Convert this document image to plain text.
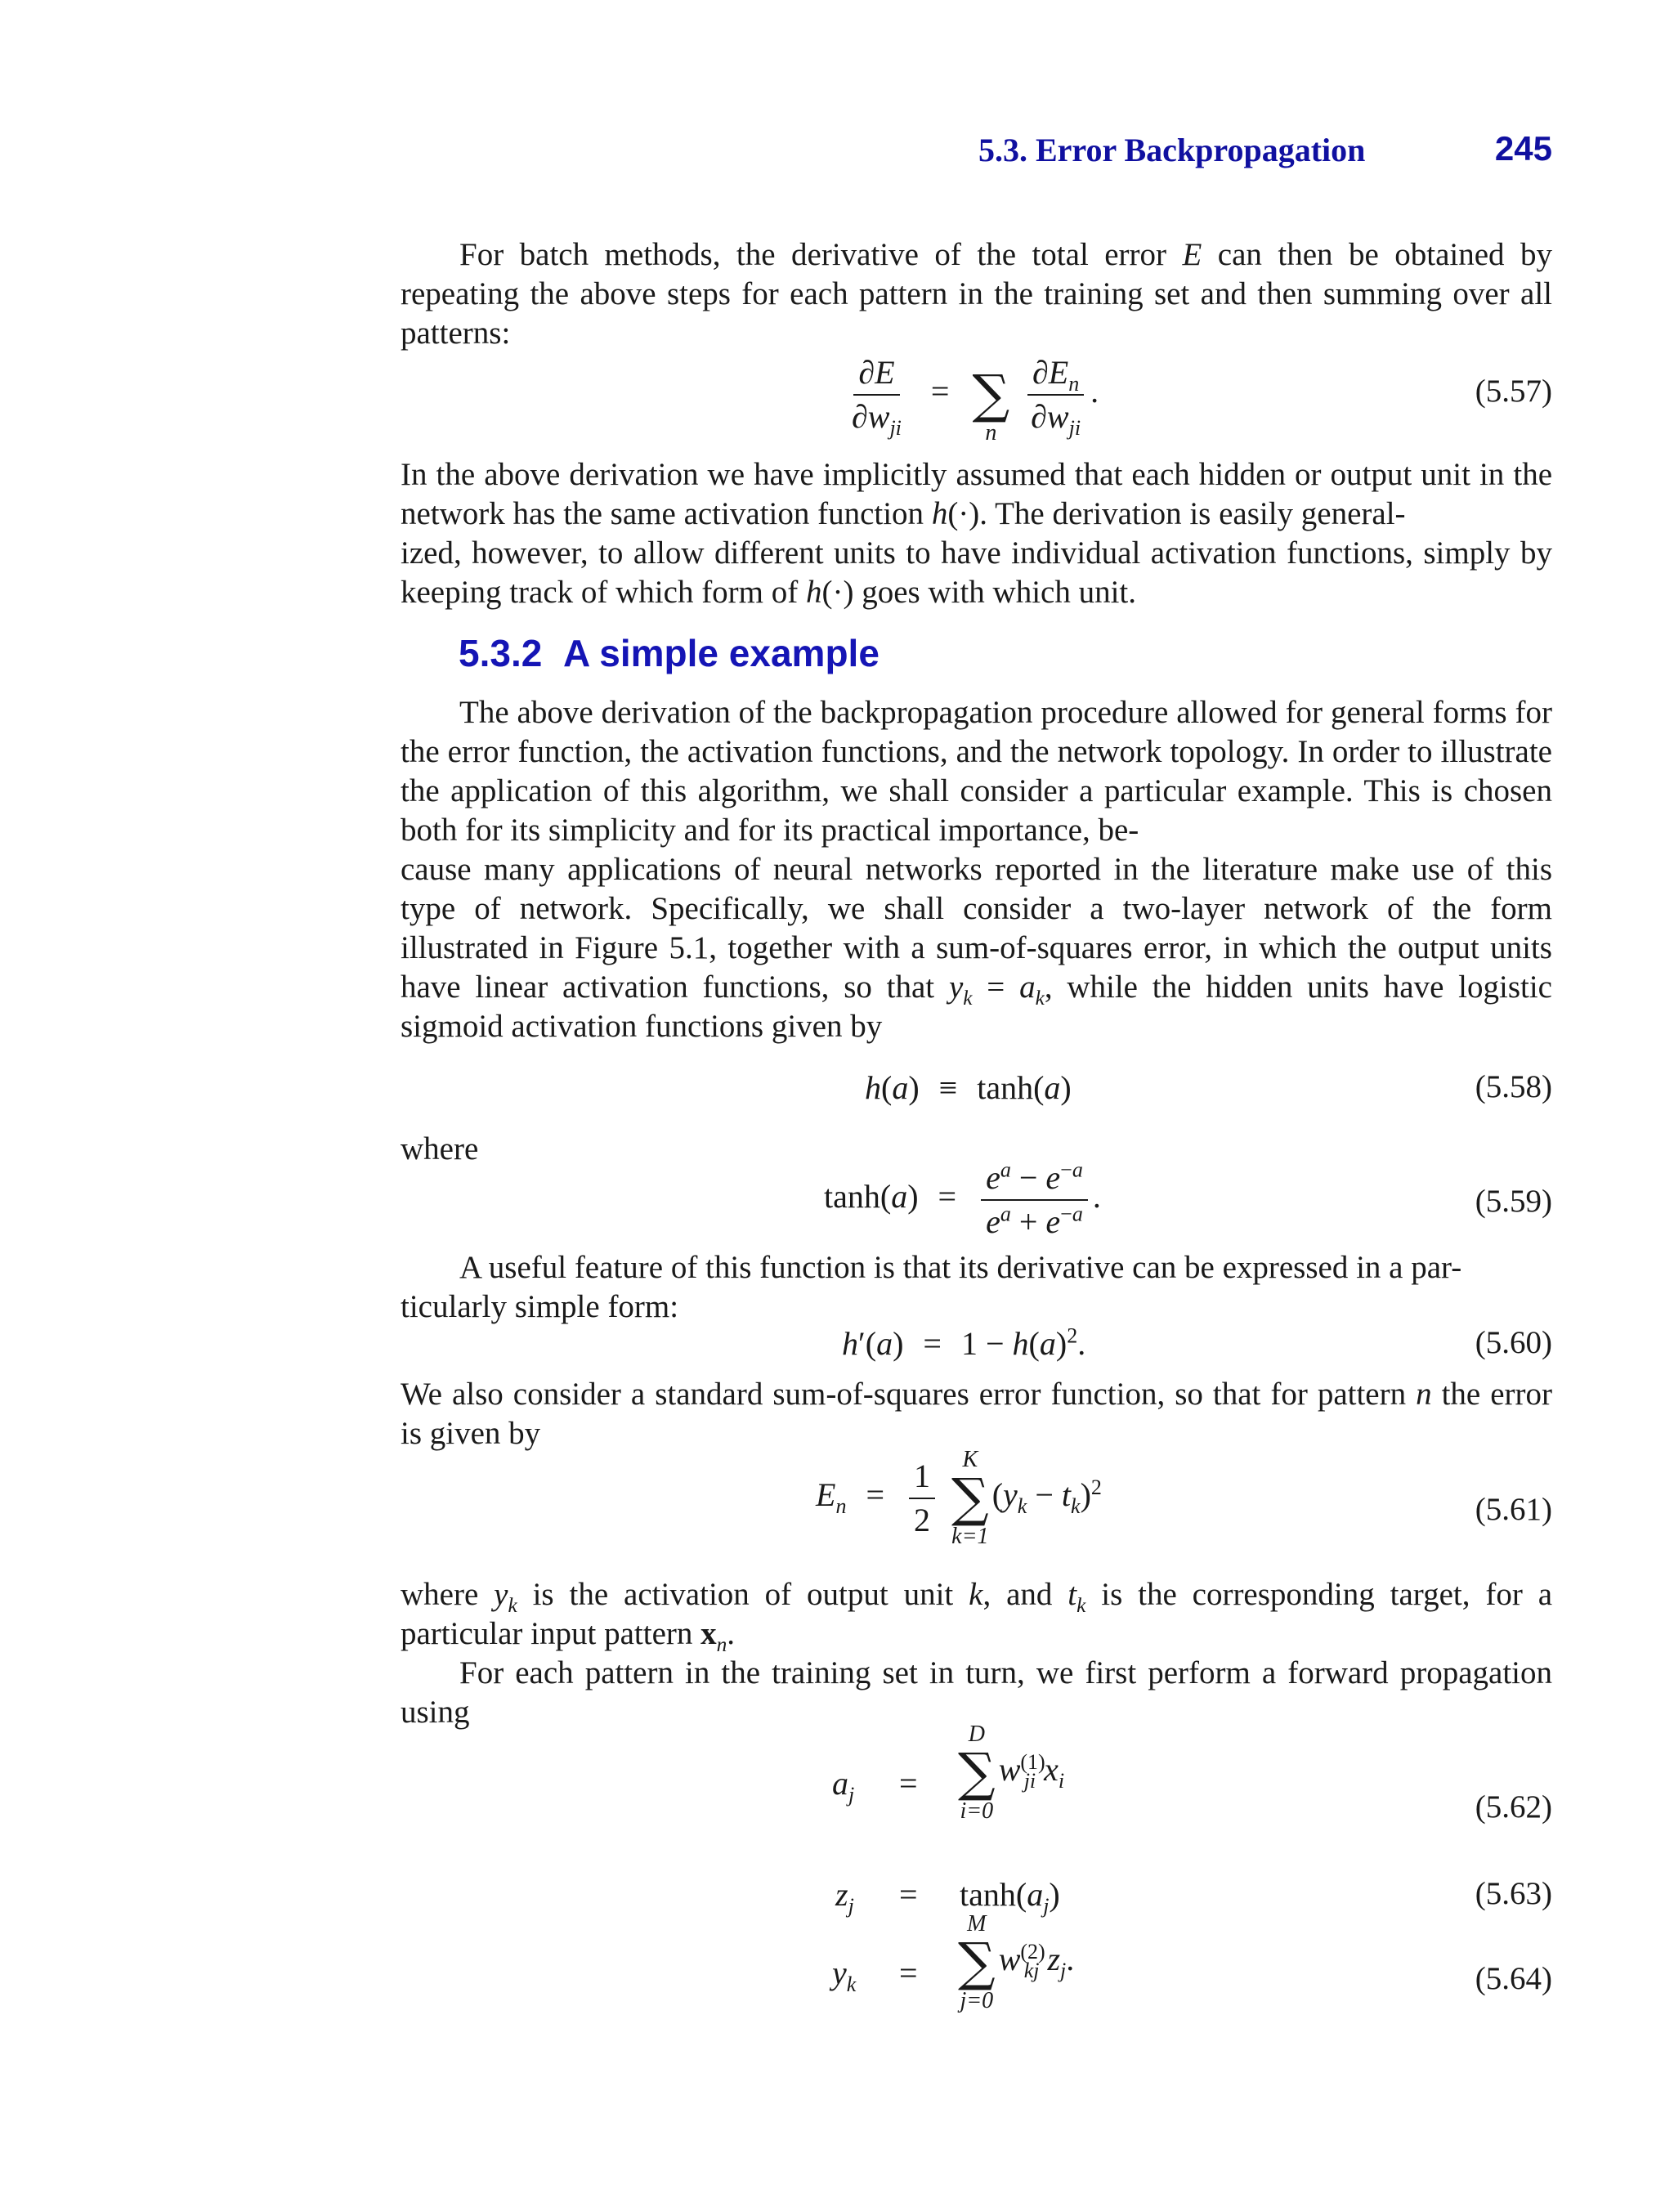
5.3. Error Backpropagation	245

For batch methods, the derivative of the total error E can then be obtained by repeating the above steps for each pattern in the training set and then summing over all patterns:

$\frac{\partial E}{\partial w_{ji}}$ = ∑
n
$\frac{\partial E_n}{\partial w_{ji}}$ .	(5.57)

In the above derivation we have implicitly assumed that each hidden or output unit in the network has the same activation function h(·). The derivation is easily general-
ized, however, to allow different units to have individual activation functions, simply by keeping track of which form of h(·) goes with which unit.

5.3.2 A simple example

The above derivation of the backpropagation procedure allowed for general forms for the error function, the activation functions, and the network topology. In order to illustrate the application of this algorithm, we shall consider a particular example. This is chosen both for its simplicity and for its practical importance, be-
cause many applications of neural networks reported in the literature make use of this type of network. Specifically, we shall consider a two-layer network of the form illustrated in Figure 5.1, together with a sum-of-squares error, in which the output units have linear activation functions, so that $y_k = a_k$, while the hidden units have logistic sigmoid activation functions given by

h(a) ≡ tanh(a)	(5.58)
where
$\tanh(a) = \frac{e^a - e^{-a}}{e^a + e^{-a}}$ .	(5.59)

A useful feature of this function is that its derivative can be expressed in a par-
ticularly simple form:

$h'(a) = 1 - h(a)^2$.	(5.60)

We also consider a standard sum-of-squares error function, so that for pattern n the error is given by

$E_n = \frac{1}{2}$
K
∑
k=1
$(y_k - t_k)^2$
(5.61)

where $y_k$ is the activation of output unit k, and $t_k$ is the corresponding target, for a particular input pattern $x_n$.

For each pattern in the training set in turn, we first perform a forward propagation using

$a_j$ =
D
∑
i=0
$w^{(1)}_{ji}$ $x_i$
(5.62)
$z_j = \tanh(a_j)$	(5.63)
$y_k$ =
M
∑
j=0
$w^{(2)}_{kj}$ $z_j$.
(5.64)
